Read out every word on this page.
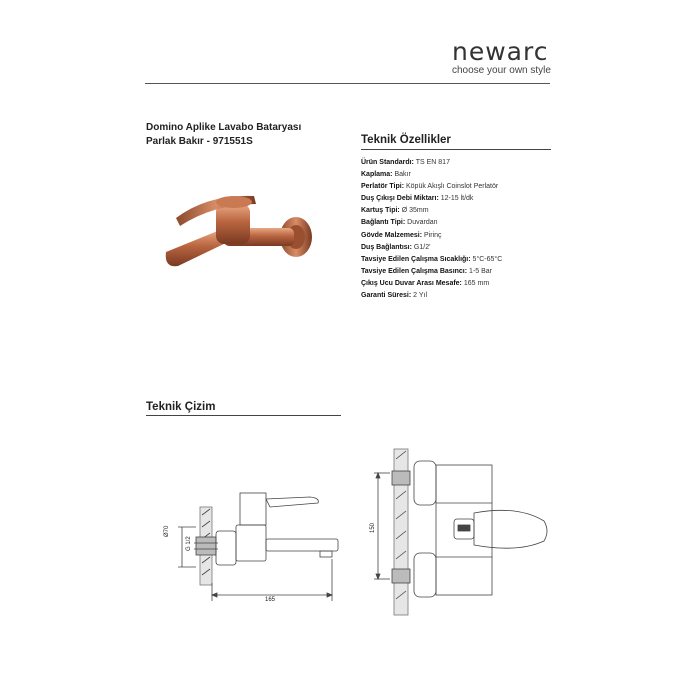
newarc
choose your own style
Domino Aplike Lavabo Bataryası
Parlak Bakır - 971551S	Teknik Özellikler
Ürün Standardı: TS EN 817
Kaplama: Bakır
Perlatör Tipi: Köpük Akışlı Coinslot Perlatör
Duş Çıkışı Debi Miktarı: 12-15 lt/dk
Kartuş Tipi: Ø 35mm
Bağlantı Tipi: Duvardan
Gövde Malzemesi: Pirinç
Duş Bağlantısı: G1/2'
Tavsiye Edilen Çalışma Sıcaklığı: 5°C-65°C
Tavsiye Edilen Çalışma Basıncı: 1-5 Bar
Çıkış Ucu Duvar Arası Mesafe: 165 mm
Garanti Süresi: 2 Yıl
Teknik Çizim
Ø70
G 1/2
165
150
